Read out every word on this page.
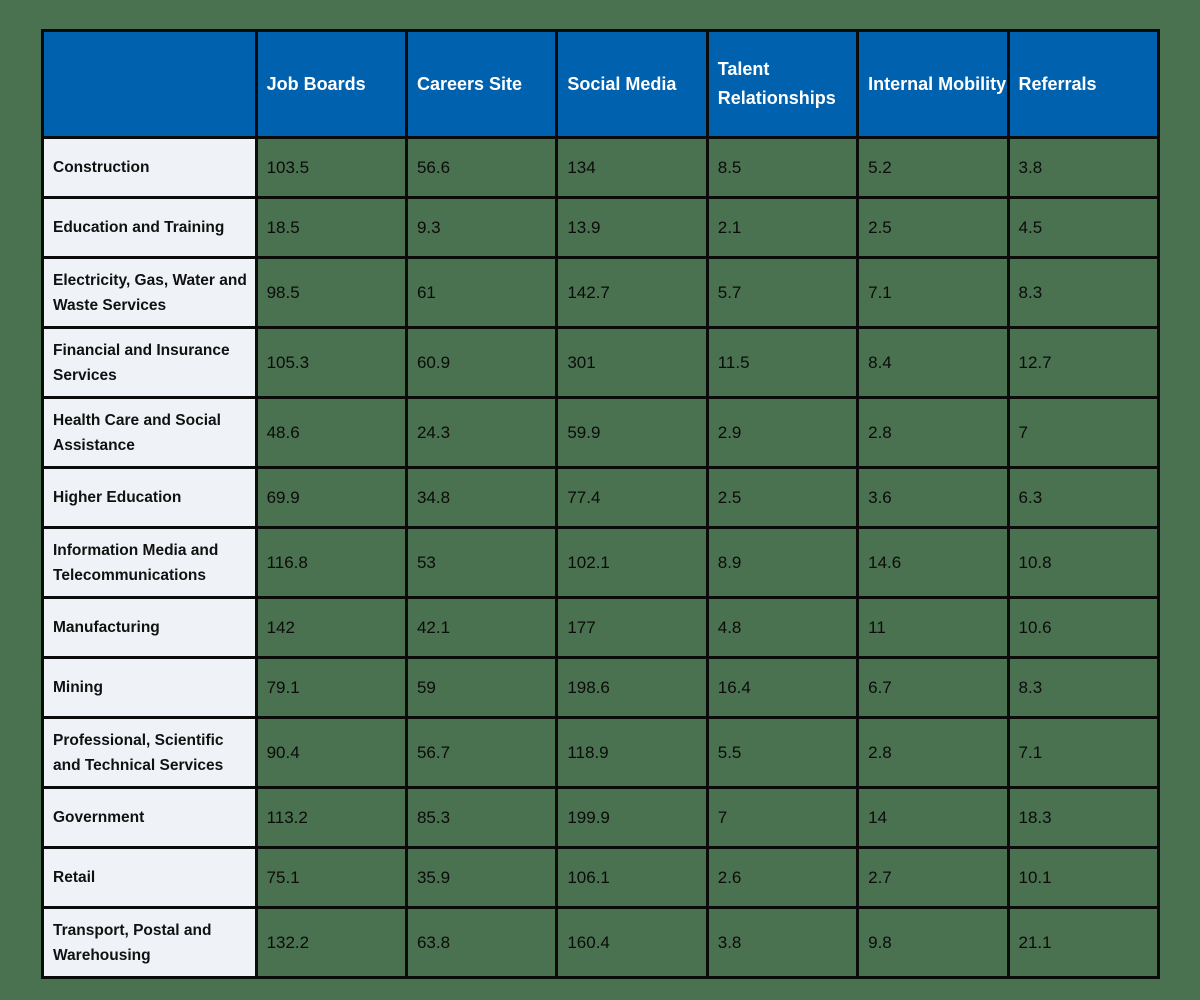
	Job Boards	Careers Site	Social Media	Talent Relationships	Internal Mobility	Referrals
Construction	103.5	56.6	134	8.5	5.2	3.8
Education and Training	18.5	9.3	13.9	2.1	2.5	4.5
Electricity, Gas, Water and Waste Services	98.5	61	142.7	5.7	7.1	8.3
Financial and Insurance Services	105.3	60.9	301	11.5	8.4	12.7
Health Care and Social Assistance	48.6	24.3	59.9	2.9	2.8	7
Higher Education	69.9	34.8	77.4	2.5	3.6	6.3
Information Media and Telecommunications	116.8	53	102.1	8.9	14.6	10.8
Manufacturing	142	42.1	177	4.8	11	10.6
Mining	79.1	59	198.6	16.4	6.7	8.3
Professional, Scientific and Technical Services	90.4	56.7	118.9	5.5	2.8	7.1
Government	113.2	85.3	199.9	7	14	18.3
Retail	75.1	35.9	106.1	2.6	2.7	10.1
Transport, Postal and Warehousing	132.2	63.8	160.4	3.8	9.8	21.1
